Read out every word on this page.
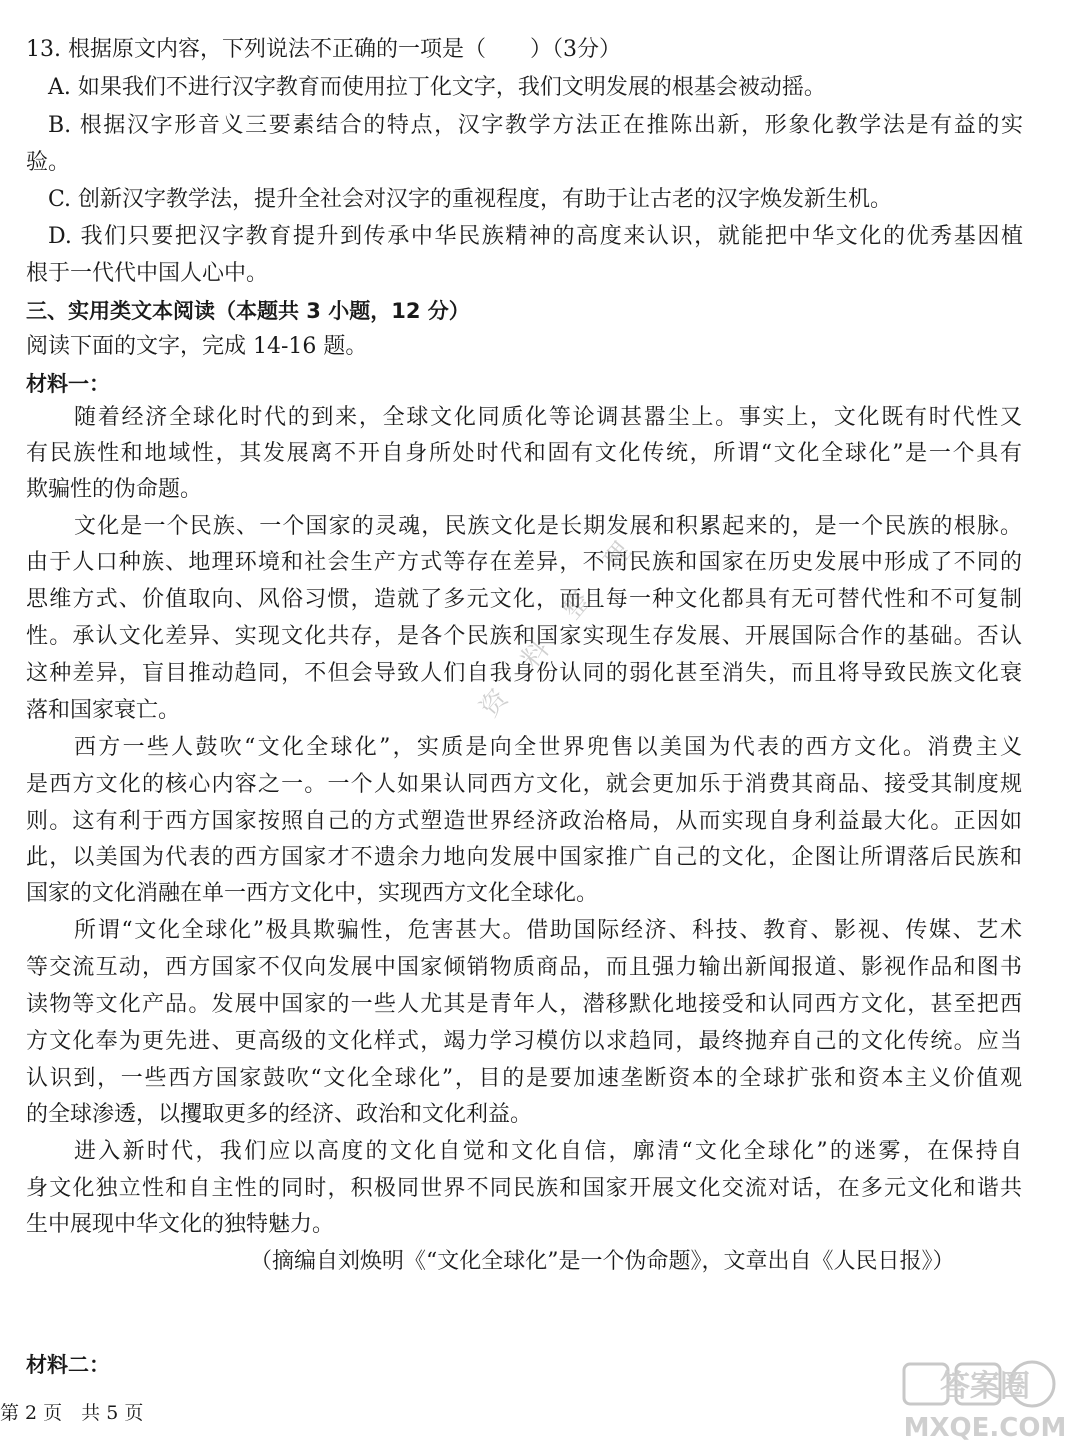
13. 根据原文内容，下列说法不正确的一项是（　　）（3分）
A. 如果我们不进行汉字教育而使用拉丁化文字，我们文明发展的根基会被动摇。
B. 根据汉字形音义三要素结合的特点，汉字教学方法正在推陈出新，形象化教学法是有益的实
验。
C. 创新汉字教学法，提升全社会对汉字的重视程度，有助于让古老的汉字焕发新生机。
D. 我们只要把汉字教育提升到传承中华民族精神的高度来认识，就能把中华文化的优秀基因植
根于一代代中国人心中。
三、实用类文本阅读（本题共 3 小题，12 分）
阅读下面的文字，完成 14-16 题。
材料一：
随着经济全球化时代的到来，全球文化同质化等论调甚嚣尘上。事实上，文化既有时代性又
有民族性和地域性，其发展离不开自身所处时代和固有文化传统，所谓“文化全球化”是一个具有
欺骗性的伪命题。
文化是一个民族、一个国家的灵魂，民族文化是长期发展和积累起来的，是一个民族的根脉。
由于人口种族、地理环境和社会生产方式等存在差异，不同民族和国家在历史发展中形成了不同的
思维方式、价值取向、风俗习惯，造就了多元文化，而且每一种文化都具有无可替代性和不可复制
性。承认文化差异、实现文化共存，是各个民族和国家实现生存发展、开展国际合作的基础。否认
这种差异，盲目推动趋同，不但会导致人们自我身份认同的弱化甚至消失，而且将导致民族文化衰
落和国家衰亡。
西方一些人鼓吹“文化全球化”，实质是向全世界兜售以美国为代表的西方文化。消费主义
是西方文化的核心内容之一。一个人如果认同西方文化，就会更加乐于消费其商品、接受其制度规
则。这有利于西方国家按照自己的方式塑造世界经济政治格局，从而实现自身利益最大化。正因如
此，以美国为代表的西方国家才不遗余力地向发展中国家推广自己的文化，企图让所谓落后民族和
国家的文化消融在单一西方文化中，实现西方文化全球化。
所谓“文化全球化”极具欺骗性，危害甚大。借助国际经济、科技、教育、影视、传媒、艺术
等交流互动，西方国家不仅向发展中国家倾销物质商品，而且强力输出新闻报道、影视作品和图书
读物等文化产品。发展中国家的一些人尤其是青年人，潜移默化地接受和认同西方文化，甚至把西
方文化奉为更先进、更高级的文化样式，竭力学习模仿以求趋同，最终抛弃自己的文化传统。应当
认识到，一些西方国家鼓吹“文化全球化”，目的是要加速垄断资本的全球扩张和资本主义价值观
的全球渗透，以攫取更多的经济、政治和文化利益。
进入新时代，我们应以高度的文化自觉和文化自信，廓清“文化全球化”的迷雾，在保持自
身文化独立性和自主性的同时，积极同世界不同民族和国家开展文化交流对话，在多元文化和谐共
生中展现中华文化的独特魅力。
（摘编自刘焕明《“文化全球化”是一个伪命题》，文章出自《人民日报》）
材料二：
资料整理
第 2 页　共 5 页
答案圈
MXQE.COM
